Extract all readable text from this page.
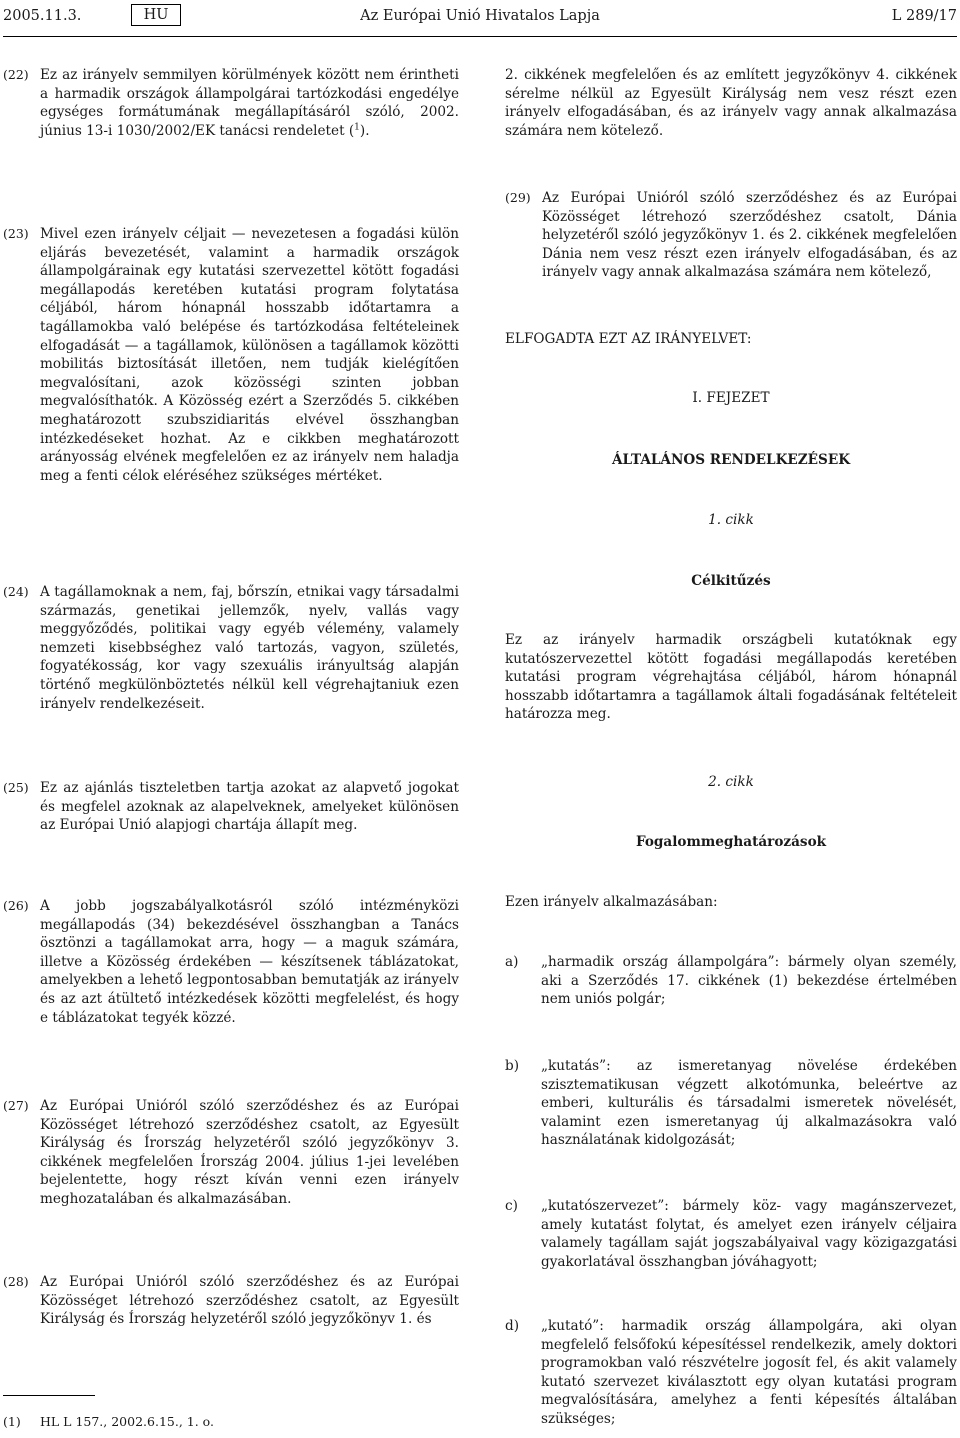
2005.11.3.	HU	Az Európai Unió Hivatalos Lapja	L 289/17
(22) Ez az irányelv semmilyen körülmények között nem érintheti a harmadik országok állampolgárai tartózkodási engedélye egységes formátumának megállapításáról szóló, 2002. június 13-i 1030/2002/EK tanácsi rendeletet ($^1$).
(23) Mivel ezen irányelv céljait — nevezetesen a fogadási külön eljárás bevezetését, valamint a harmadik országok állampolgárainak egy kutatási szervezettel kötött fogadási megállapodás keretében kutatási program folytatása céljából, három hónapnál hosszabb időtartamra a tagállamokba való belépése és tartózkodása feltételeinek elfogadását — a tagállamok, különösen a tagállamok közötti mobilitás biztosítását illetően, nem tudják kielégítően megvalósítani, azok közösségi szinten jobban megvalósíthatók. A Közösség ezért a Szerződés 5. cikkében meghatározott szubszidiaritás elvével összhangban intézkedéseket hozhat. Az e cikkben meghatározott arányosság elvének megfelelően ez az irányelv nem haladja meg a fenti célok eléréséhez szükséges mértéket.
(24) A tagállamoknak a nem, faj, bőrszín, etnikai vagy társadalmi származás, genetikai jellemzők, nyelv, vallás vagy meggyőződés, politikai vagy egyéb vélemény, valamely nemzeti kisebbséghez való tartozás, vagyon, születés, fogyatékosság, kor vagy szexuális irányultság alapján történő megkülönböztetés nélkül kell végrehajtaniuk ezen irányelv rendelkezéseit.
(25) Ez az ajánlás tiszteletben tartja azokat az alapvető jogokat és megfelel azoknak az alapelveknek, amelyeket különösen az Európai Unió alapjogi chartája állapít meg.
(26) A jobb jogszabályalkotásról szóló intézményközi megállapodás (34) bekezdésével összhangban a Tanács ösztönzi a tagállamokat arra, hogy — a maguk számára, illetve a Közösség érdekében — készítsenek táblázatokat, amelyekben a lehető legpontosabban bemutatják az irányelv és az azt átültető intézkedések közötti megfelelést, és hogy e táblázatokat tegyék közzé.
(27) Az Európai Unióról szóló szerződéshez és az Európai Közösséget létrehozó szerződéshez csatolt, az Egyesült Királyság és Írország helyzetéről szóló jegyzőkönyv 3. cikkének megfelelően Írország 2004. július 1-jei levelében bejelentette, hogy részt kíván venni ezen irányelv meghozatalában és alkalmazásában.
(28) Az Európai Unióról szóló szerződéshez és az Európai Közösséget létrehozó szerződéshez csatolt, az Egyesült Királyság és Írország helyzetéről szóló jegyzőkönyv 1. és
(1) HL L 157., 2002.6.15., 1. o.
2. cikkének megfelelően és az említett jegyzőkönyv 4. cikkének sérelme nélkül az Egyesült Királyság nem vesz részt ezen irányelv elfogadásában, és az irányelv vagy annak alkalmazása számára nem kötelező.
(29) Az Európai Unióról szóló szerződéshez és az Európai Közösséget létrehozó szerződéshez csatolt, Dánia helyzetéről szóló jegyzőkönyv 1. és 2. cikkének megfelelően Dánia nem vesz részt ezen irányelv elfogadásában, és az irányelv vagy annak alkalmazása számára nem kötelező,
ELFOGADTA EZT AZ IRÁNYELVET:
I. FEJEZET
ÁLTALÁNOS RENDELKEZÉSEK
1. cikk
Célkitűzés
Ez az irányelv harmadik országbeli kutatóknak egy kutatószervezettel kötött fogadási megállapodás keretében kutatási program végrehajtása céljából, három hónapnál hosszabb időtartamra a tagállamok általi fogadásának feltételeit határozza meg.
2. cikk
Fogalommeghatározások
Ezen irányelv alkalmazásában:
a) „harmadik ország állampolgára”: bármely olyan személy, aki a Szerződés 17. cikkének (1) bekezdése értelmében nem uniós polgár;
b) „kutatás”: az ismeretanyag növelése érdekében szisztematikusan végzett alkotómunka, beleértve az emberi, kulturális és társadalmi ismeretek növelését, valamint ezen ismeretanyag új alkalmazásokra való használatának kidolgozását;
c) „kutatószervezet”: bármely köz- vagy magánszervezet, amely kutatást folytat, és amelyet ezen irányelv céljaira valamely tagállam saját jogszabályaival vagy közigazgatási gyakorlatával összhangban jóváhagyott;
d) „kutató”: harmadik ország állampolgára, aki olyan megfelelő felsőfokú képesítéssel rendelkezik, amely doktori programokban való részvételre jogosít fel, és akit valamely kutató szervezet kiválasztott egy olyan kutatási program megvalósítására, amelyhez a fenti képesítés általában szükséges;
